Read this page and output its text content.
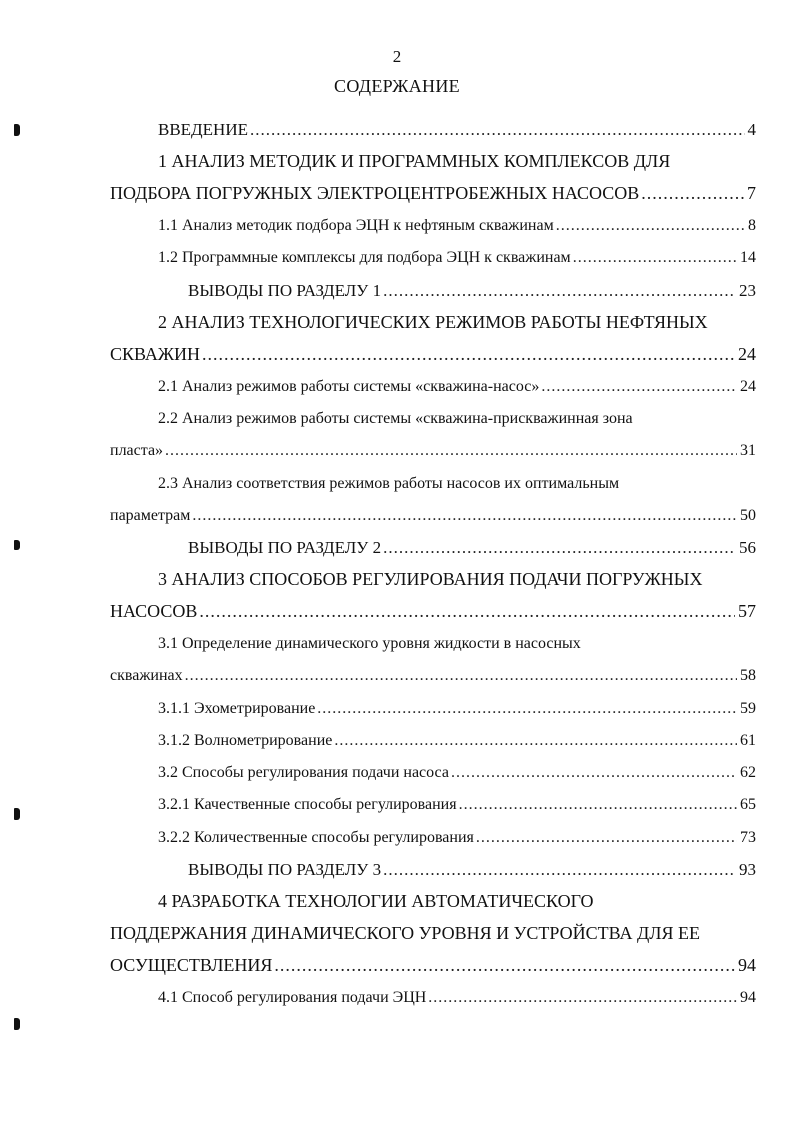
2
СОДЕРЖАНИЕ
ВВЕДЕНИЕ .....	4
1 АНАЛИЗ МЕТОДИК И ПРОГРАММНЫХ КОМПЛЕКСОВ ДЛЯ
ПОДБОРА ПОГРУЖНЫХ ЭЛЕКТРОЦЕНТРОБЕЖНЫХ НАСОСОВ .....	7
1.1 Анализ методик подбора ЭЦН к нефтяным скважинам .....	8
1.2 Программные комплексы для подбора ЭЦН к скважинам .....	14
ВЫВОДЫ ПО РАЗДЕЛУ 1 .....	23
2 АНАЛИЗ ТЕХНОЛОГИЧЕСКИХ РЕЖИМОВ РАБОТЫ НЕФТЯНЫХ
СКВАЖИН .....	24
2.1 Анализ режимов работы системы «скважина-насос» .....	24
2.2 Анализ режимов работы системы «скважина-прискважинная зона
пласта» .....	31
2.3 Анализ соответствия режимов работы насосов их оптимальным
параметрам .....	50
ВЫВОДЫ ПО РАЗДЕЛУ 2 .....	56
3 АНАЛИЗ СПОСОБОВ РЕГУЛИРОВАНИЯ ПОДАЧИ ПОГРУЖНЫХ
НАСОСОВ .....	57
3.1 Определение динамического уровня жидкости в насосных
скважинах .....	58
3.1.1 Эхометрирование .....	59
3.1.2 Волнометрирование .....	61
3.2 Способы регулирования подачи насоса .....	62
3.2.1 Качественные способы регулирования .....	65
3.2.2 Количественные способы регулирования .....	73
ВЫВОДЫ ПО РАЗДЕЛУ 3 .....	93
4 РАЗРАБОТКА ТЕХНОЛОГИИ АВТОМАТИЧЕСКОГО
ПОДДЕРЖАНИЯ ДИНАМИЧЕСКОГО УРОВНЯ И УСТРОЙСТВА ДЛЯ ЕЕ
ОСУЩЕСТВЛЕНИЯ .....	94
4.1 Способ регулирования подачи ЭЦН .....	94
